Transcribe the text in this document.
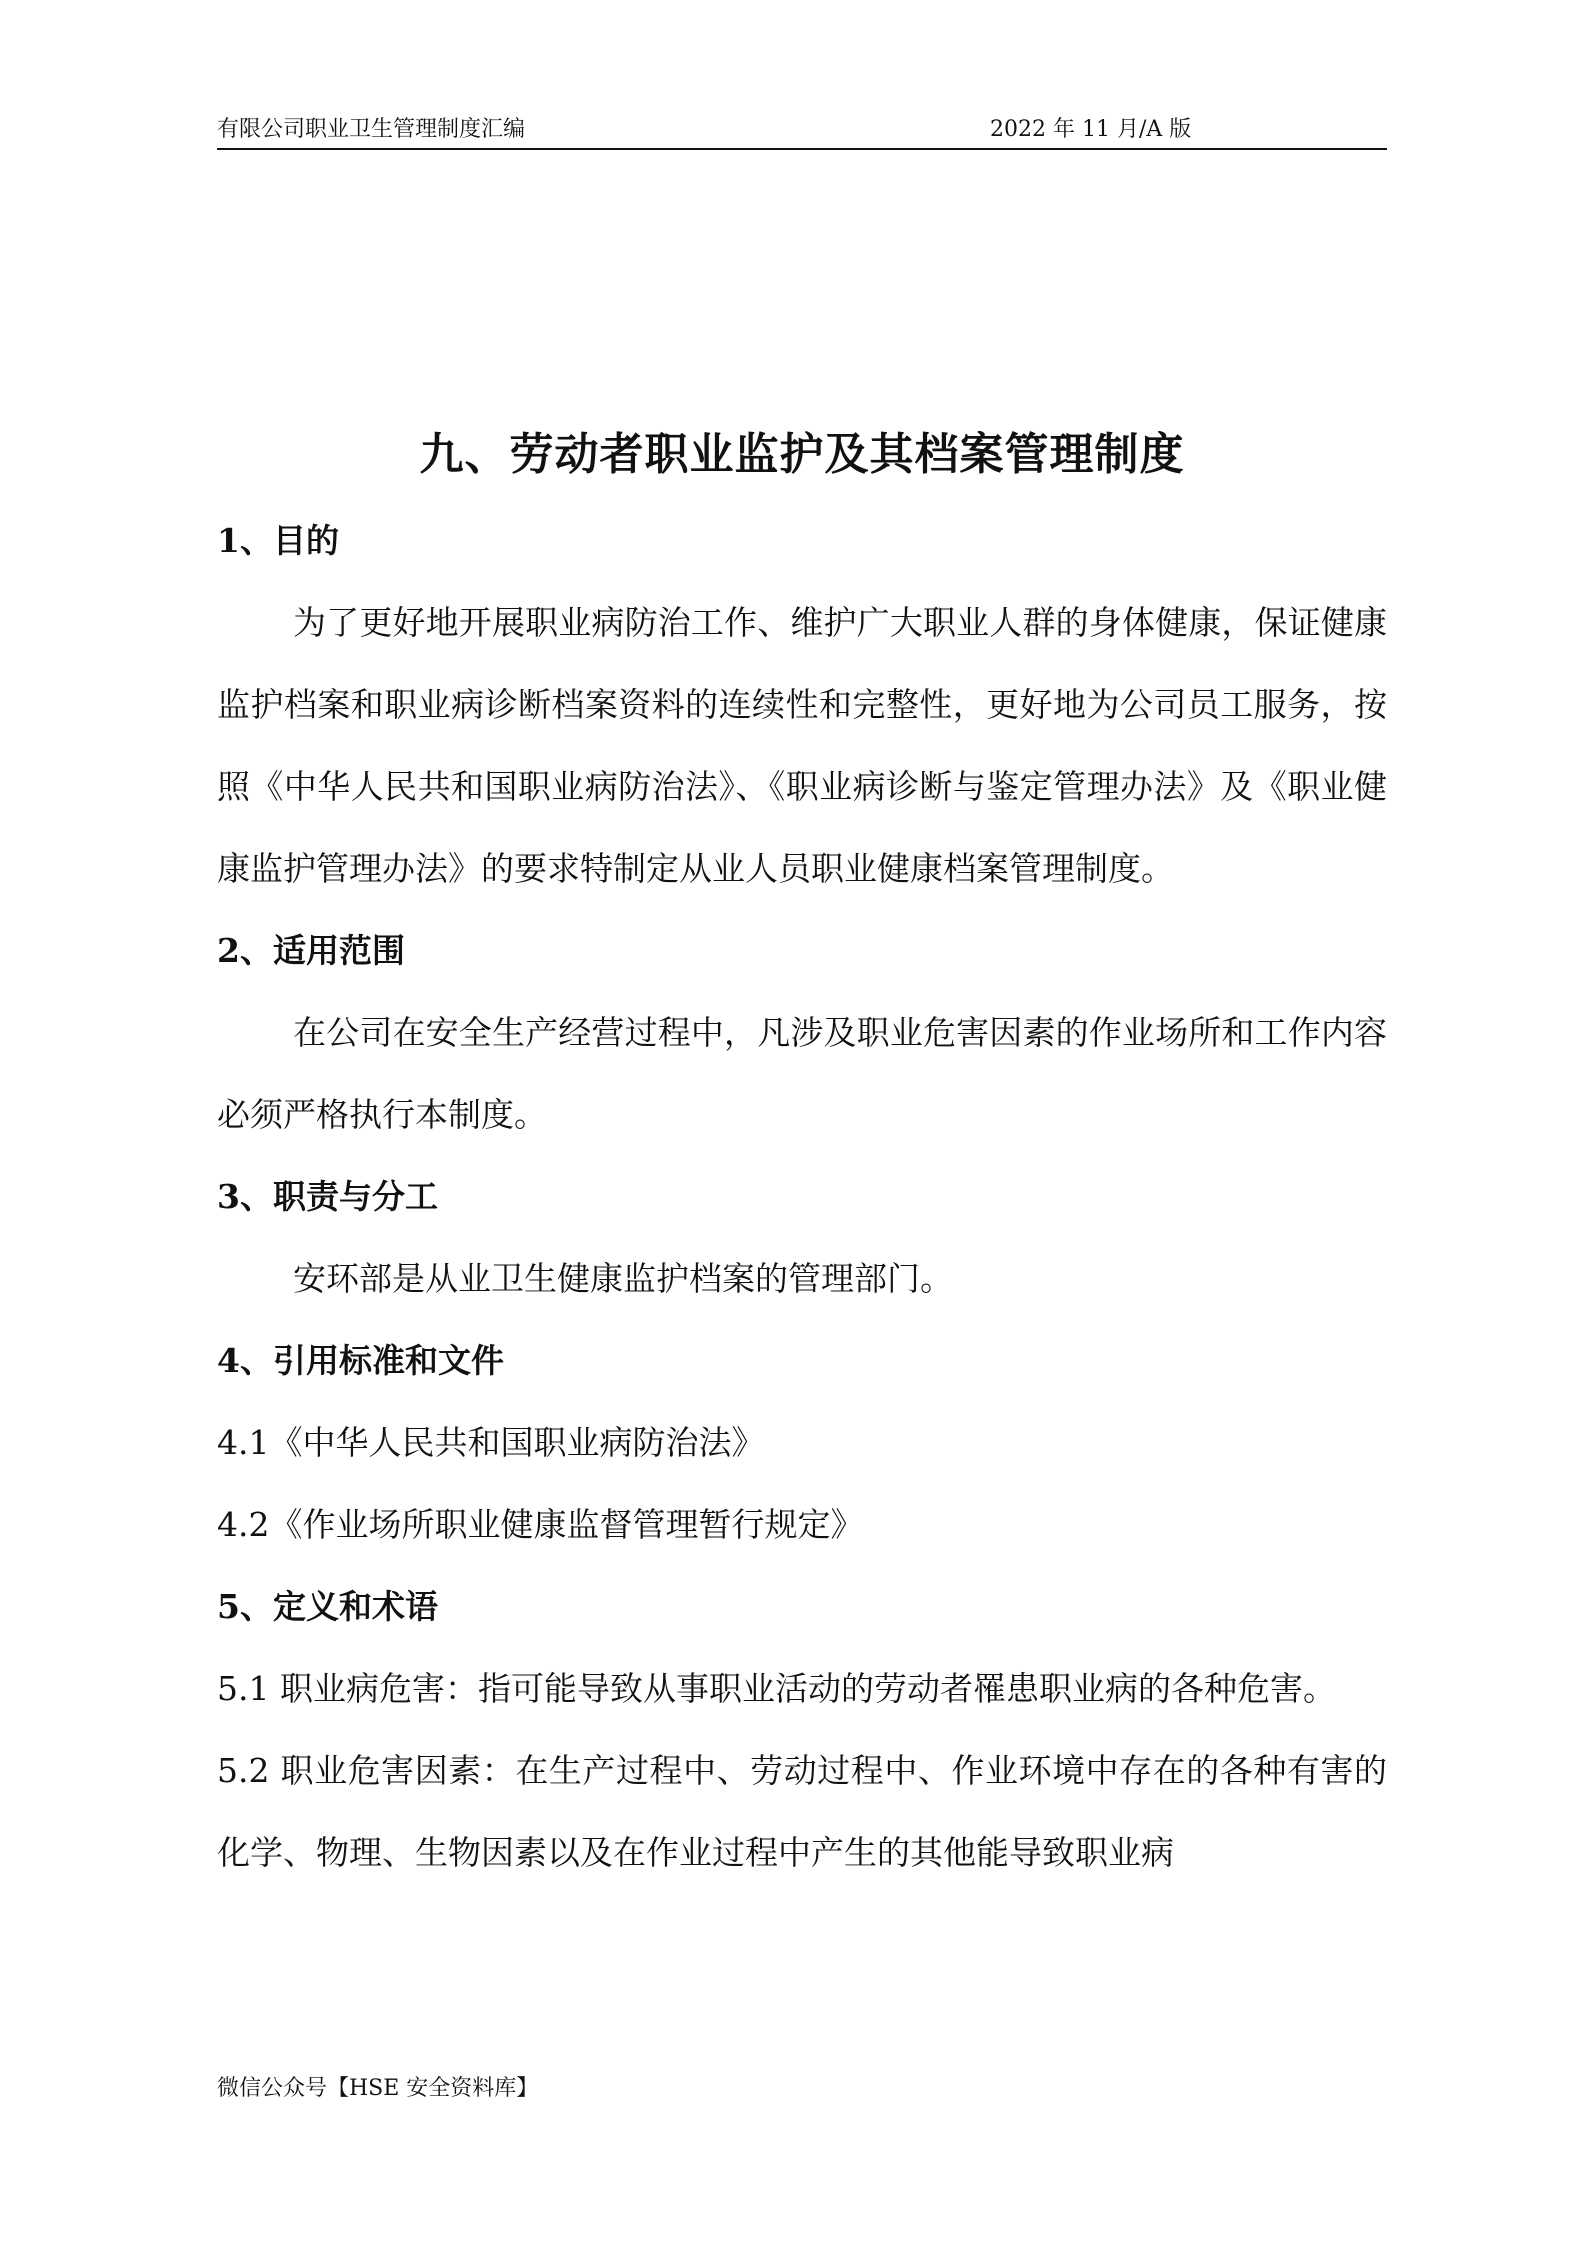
有限公司职业卫生管理制度汇编	2022 年 11 月/A 版
九、劳动者职业监护及其档案管理制度

1、目的

为了更好地开展职业病防治工作、维护广大职业人群的身体健康，保证健康监护档案和职业病诊断档案资料的连续性和完整性，更好地为公司员工服务，按照《中华人民共和国职业病防治法》、《职业病诊断与鉴定管理办法》及《职业健康监护管理办法》的要求特制定从业人员职业健康档案管理制度。

2、适用范围

在公司在安全生产经营过程中，凡涉及职业危害因素的作业场所和工作内容必须严格执行本制度。

3、职责与分工

安环部是从业卫生健康监护档案的管理部门。

4、引用标准和文件

4.1《中华人民共和国职业病防治法》

4.2《作业场所职业健康监督管理暂行规定》

5、定义和术语

5.1 职业病危害：指可能导致从事职业活动的劳动者罹患职业病的各种危害。

5.2 职业危害因素：在生产过程中、劳动过程中、作业环境中存在的各种有害的化学、物理、生物因素以及在作业过程中产生的其他能导致职业病

微信公众号【HSE 安全资料库】
